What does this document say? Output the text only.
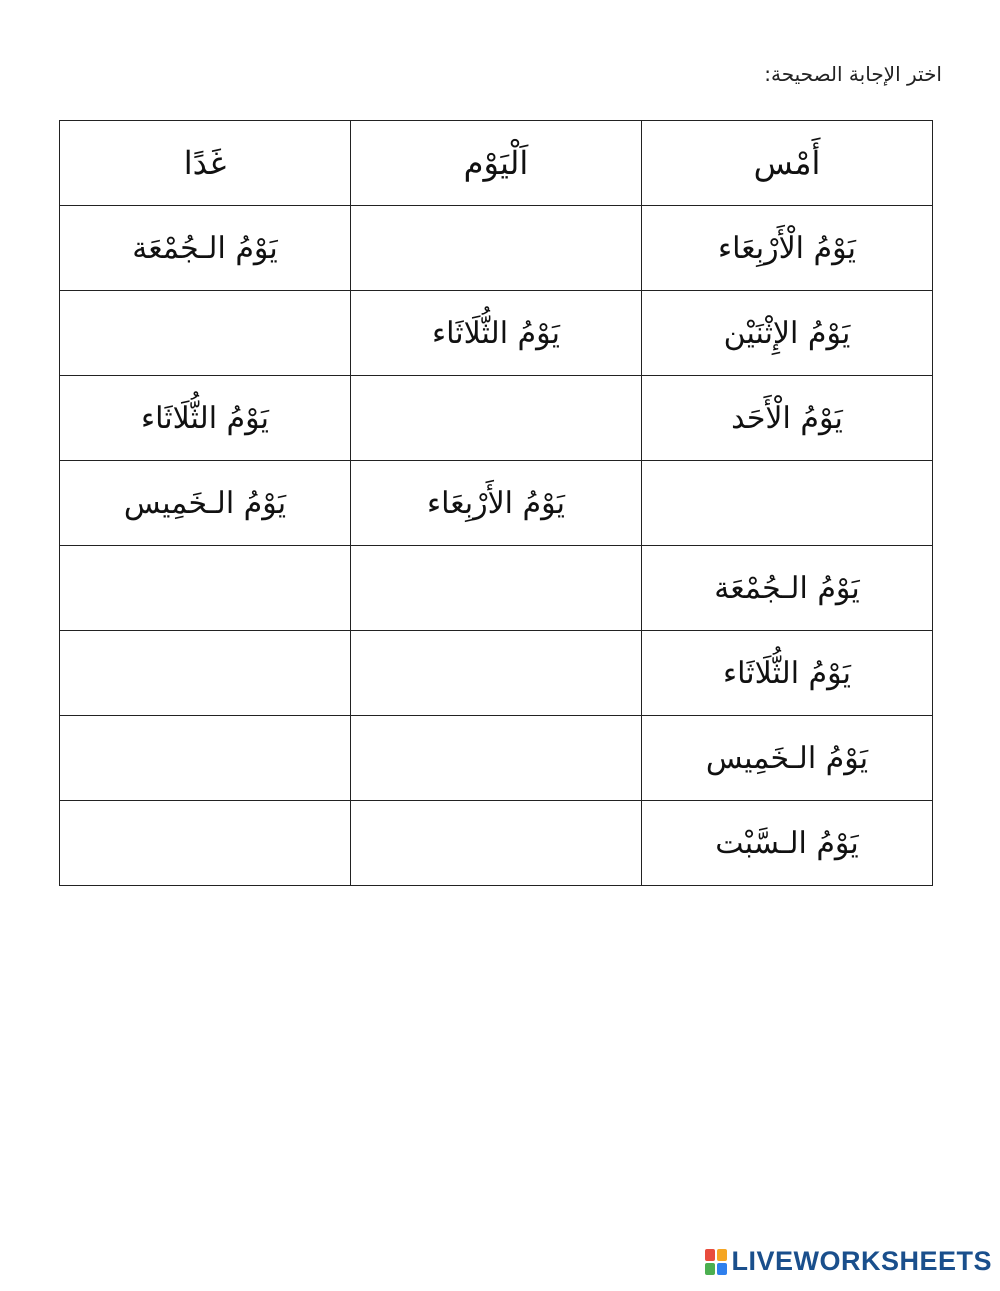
اختر الإجابة الصحيحة:
أَمْس	اَلْيَوْم	غَدًا
يَوْمُ الْأَرْبِعَاء		يَوْمُ الـجُمْعَة
يَوْمُ الإِثْنَيْن	يَوْمُ الثُّلَاثَاء	
يَوْمُ الْأَحَد		يَوْمُ الثُّلَاثَاء
	يَوْمُ الأَرْبِعَاء	يَوْمُ الـخَمِيس
يَوْمُ الـجُمْعَة		
يَوْمُ الثُّلَاثَاء		
يَوْمُ الـخَمِيس		
يَوْمُ الـسَّبْت		
LIVEWORKSHEETS
